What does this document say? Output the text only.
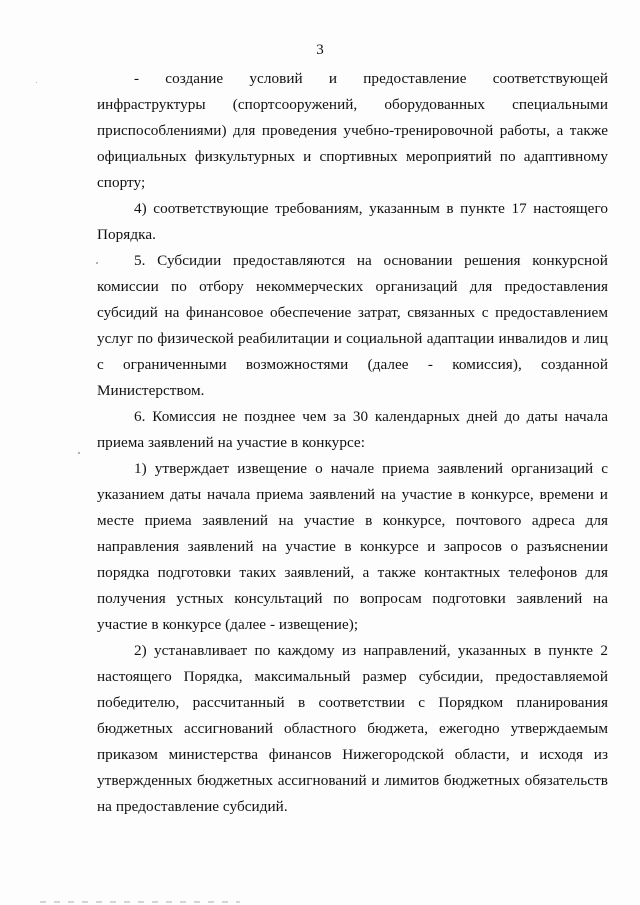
3

-     создание     условий     и     предоставление     соответствующей инфраструктуры (спортсооружений, оборудованных специальными приспособлениями) для проведения учебно-тренировочной работы, а также официальных физкультурных и спортивных мероприятий по адаптивному спорту;

4) соответствующие требованиям, указанным в пункте 17 настоящего Порядка.

5. Субсидии предоставляются на основании решения конкурсной комиссии по отбору некоммерческих организаций для предоставления субсидий на финансовое обеспечение затрат, связанных с предоставлением услуг по физической реабилитации и социальной адаптации инвалидов и лиц с ограниченными возможностями (далее - комиссия), созданной Министерством.

6. Комиссия не позднее чем за 30 календарных дней до даты начала приема заявлений на участие в конкурсе:

1) утверждает извещение о начале приема заявлений организаций с указанием даты начала приема заявлений на участие в конкурсе, времени и месте приема заявлений на участие в конкурсе, почтового адреса для направления заявлений на участие в конкурсе и запросов о разъяснении порядка подготовки таких заявлений, а также контактных телефонов для получения устных консультаций по вопросам подготовки заявлений на участие в конкурсе (далее - извещение);

2) устанавливает по каждому из направлений, указанных в пункте 2 настоящего Порядка, максимальный размер субсидии, предоставляемой победителю, рассчитанный в соответствии с Порядком планирования бюджетных ассигнований областного бюджета, ежегодно утверждаемым приказом министерства финансов Нижегородской области, и исходя из утвержденных бюджетных ассигнований и лимитов бюджетных обязательств на предоставление субсидий.
